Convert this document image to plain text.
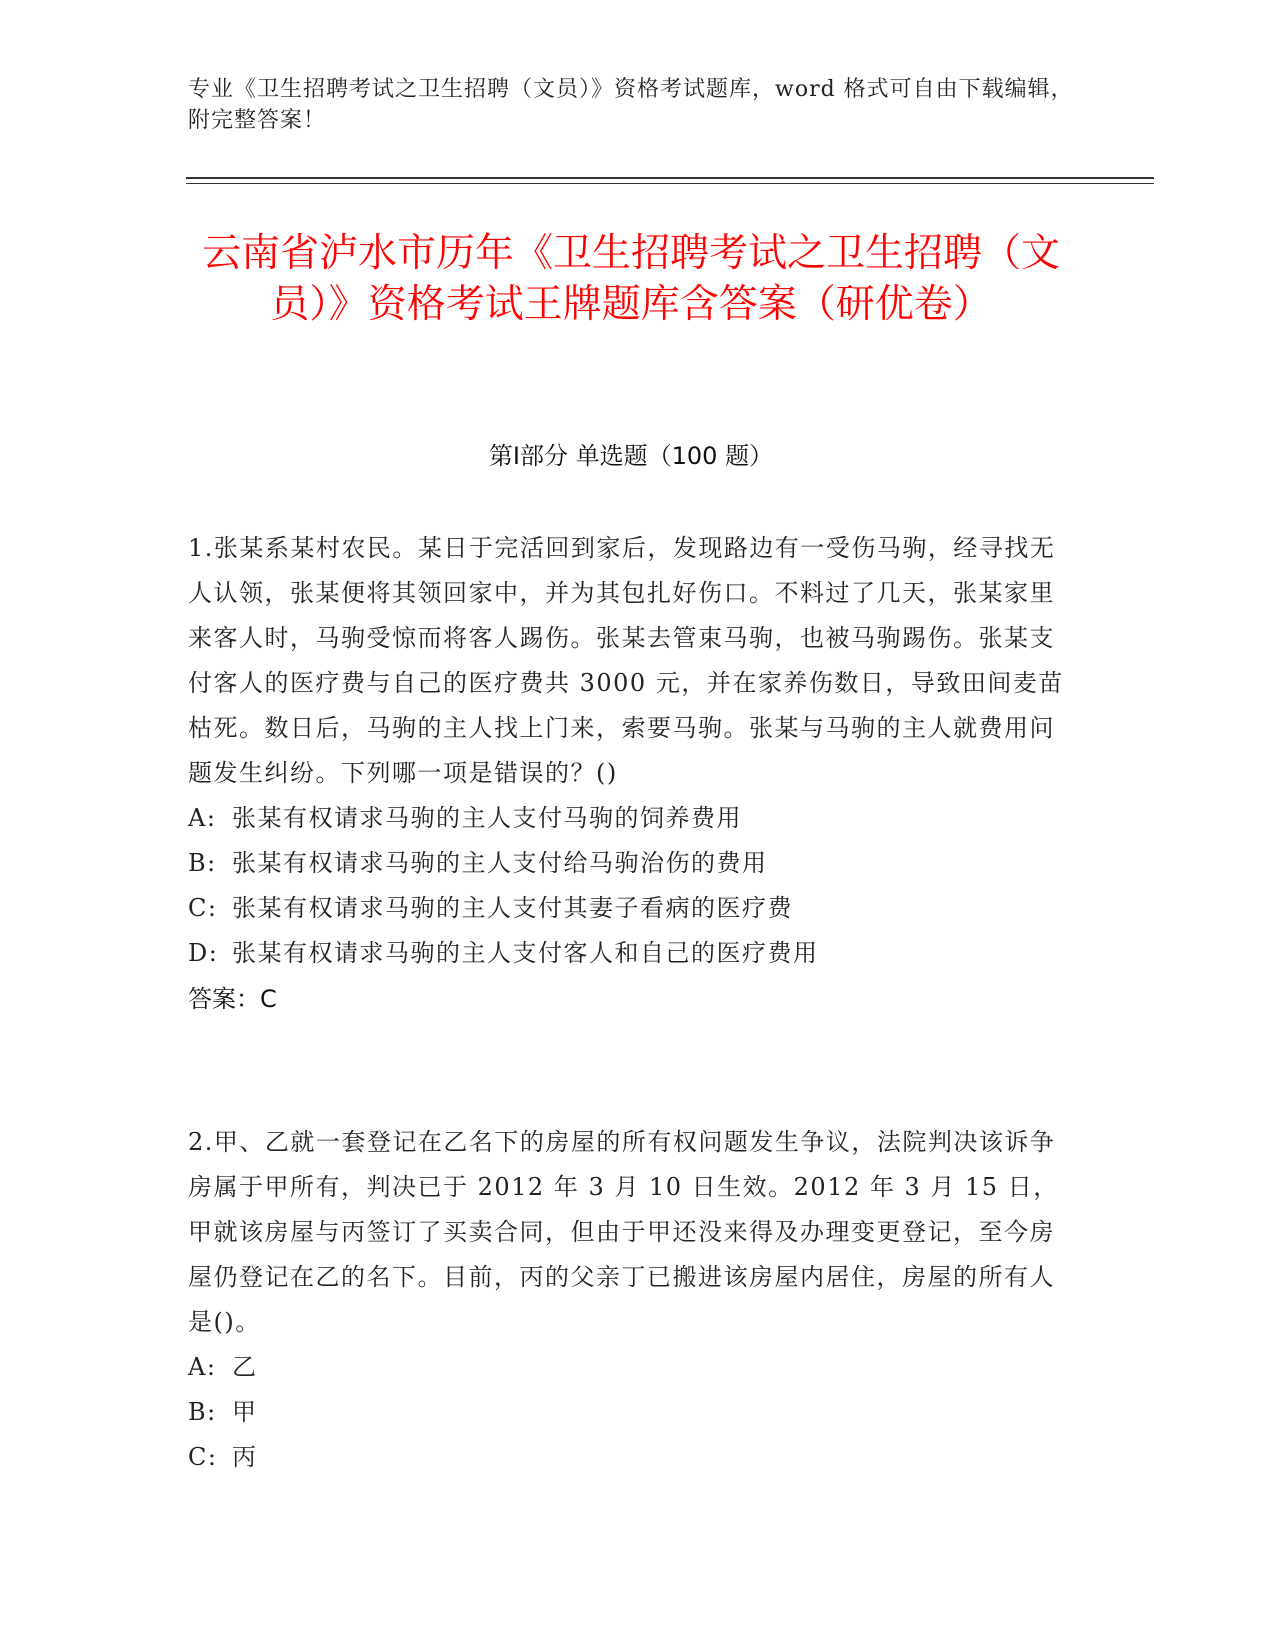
专业《卫生招聘考试之卫生招聘（文员）》资格考试题库，word 格式可自由下载编辑，附完整答案！
云南省泸水市历年《卫生招聘考试之卫生招聘（文员）》资格考试王牌题库含答案（研优卷）
第Ⅰ部分 单选题（100 题）
1.张某系某村农民。某日于完活回到家后，发现路边有一受伤马驹，经寻找无人认领，张某便将其领回家中，并为其包扎好伤口。不料过了几天，张某家里来客人时，马驹受惊而将客人踢伤。张某去管束马驹，也被马驹踢伤。张某支付客人的医疗费与自己的医疗费共 3000 元，并在家养伤数日，导致田间麦苗枯死。数日后，马驹的主人找上门来，索要马驹。张某与马驹的主人就费用问题发生纠纷。下列哪一项是错误的？()
A: 张某有权请求马驹的主人支付马驹的饲养费用
B: 张某有权请求马驹的主人支付给马驹治伤的费用
C: 张某有权请求马驹的主人支付其妻子看病的医疗费
D: 张某有权请求马驹的主人支付客人和自己的医疗费用
答案：C
2.甲、乙就一套登记在乙名下的房屋的所有权问题发生争议，法院判决该诉争房属于甲所有，判决已于 2012 年 3 月 10 日生效。2012 年 3 月 15 日，甲就该房屋与丙签订了买卖合同，但由于甲还没来得及办理变更登记，至今房屋仍登记在乙的名下。目前，丙的父亲丁已搬进该房屋内居住，房屋的所有人是()。
A: 乙
B: 甲
C: 丙
